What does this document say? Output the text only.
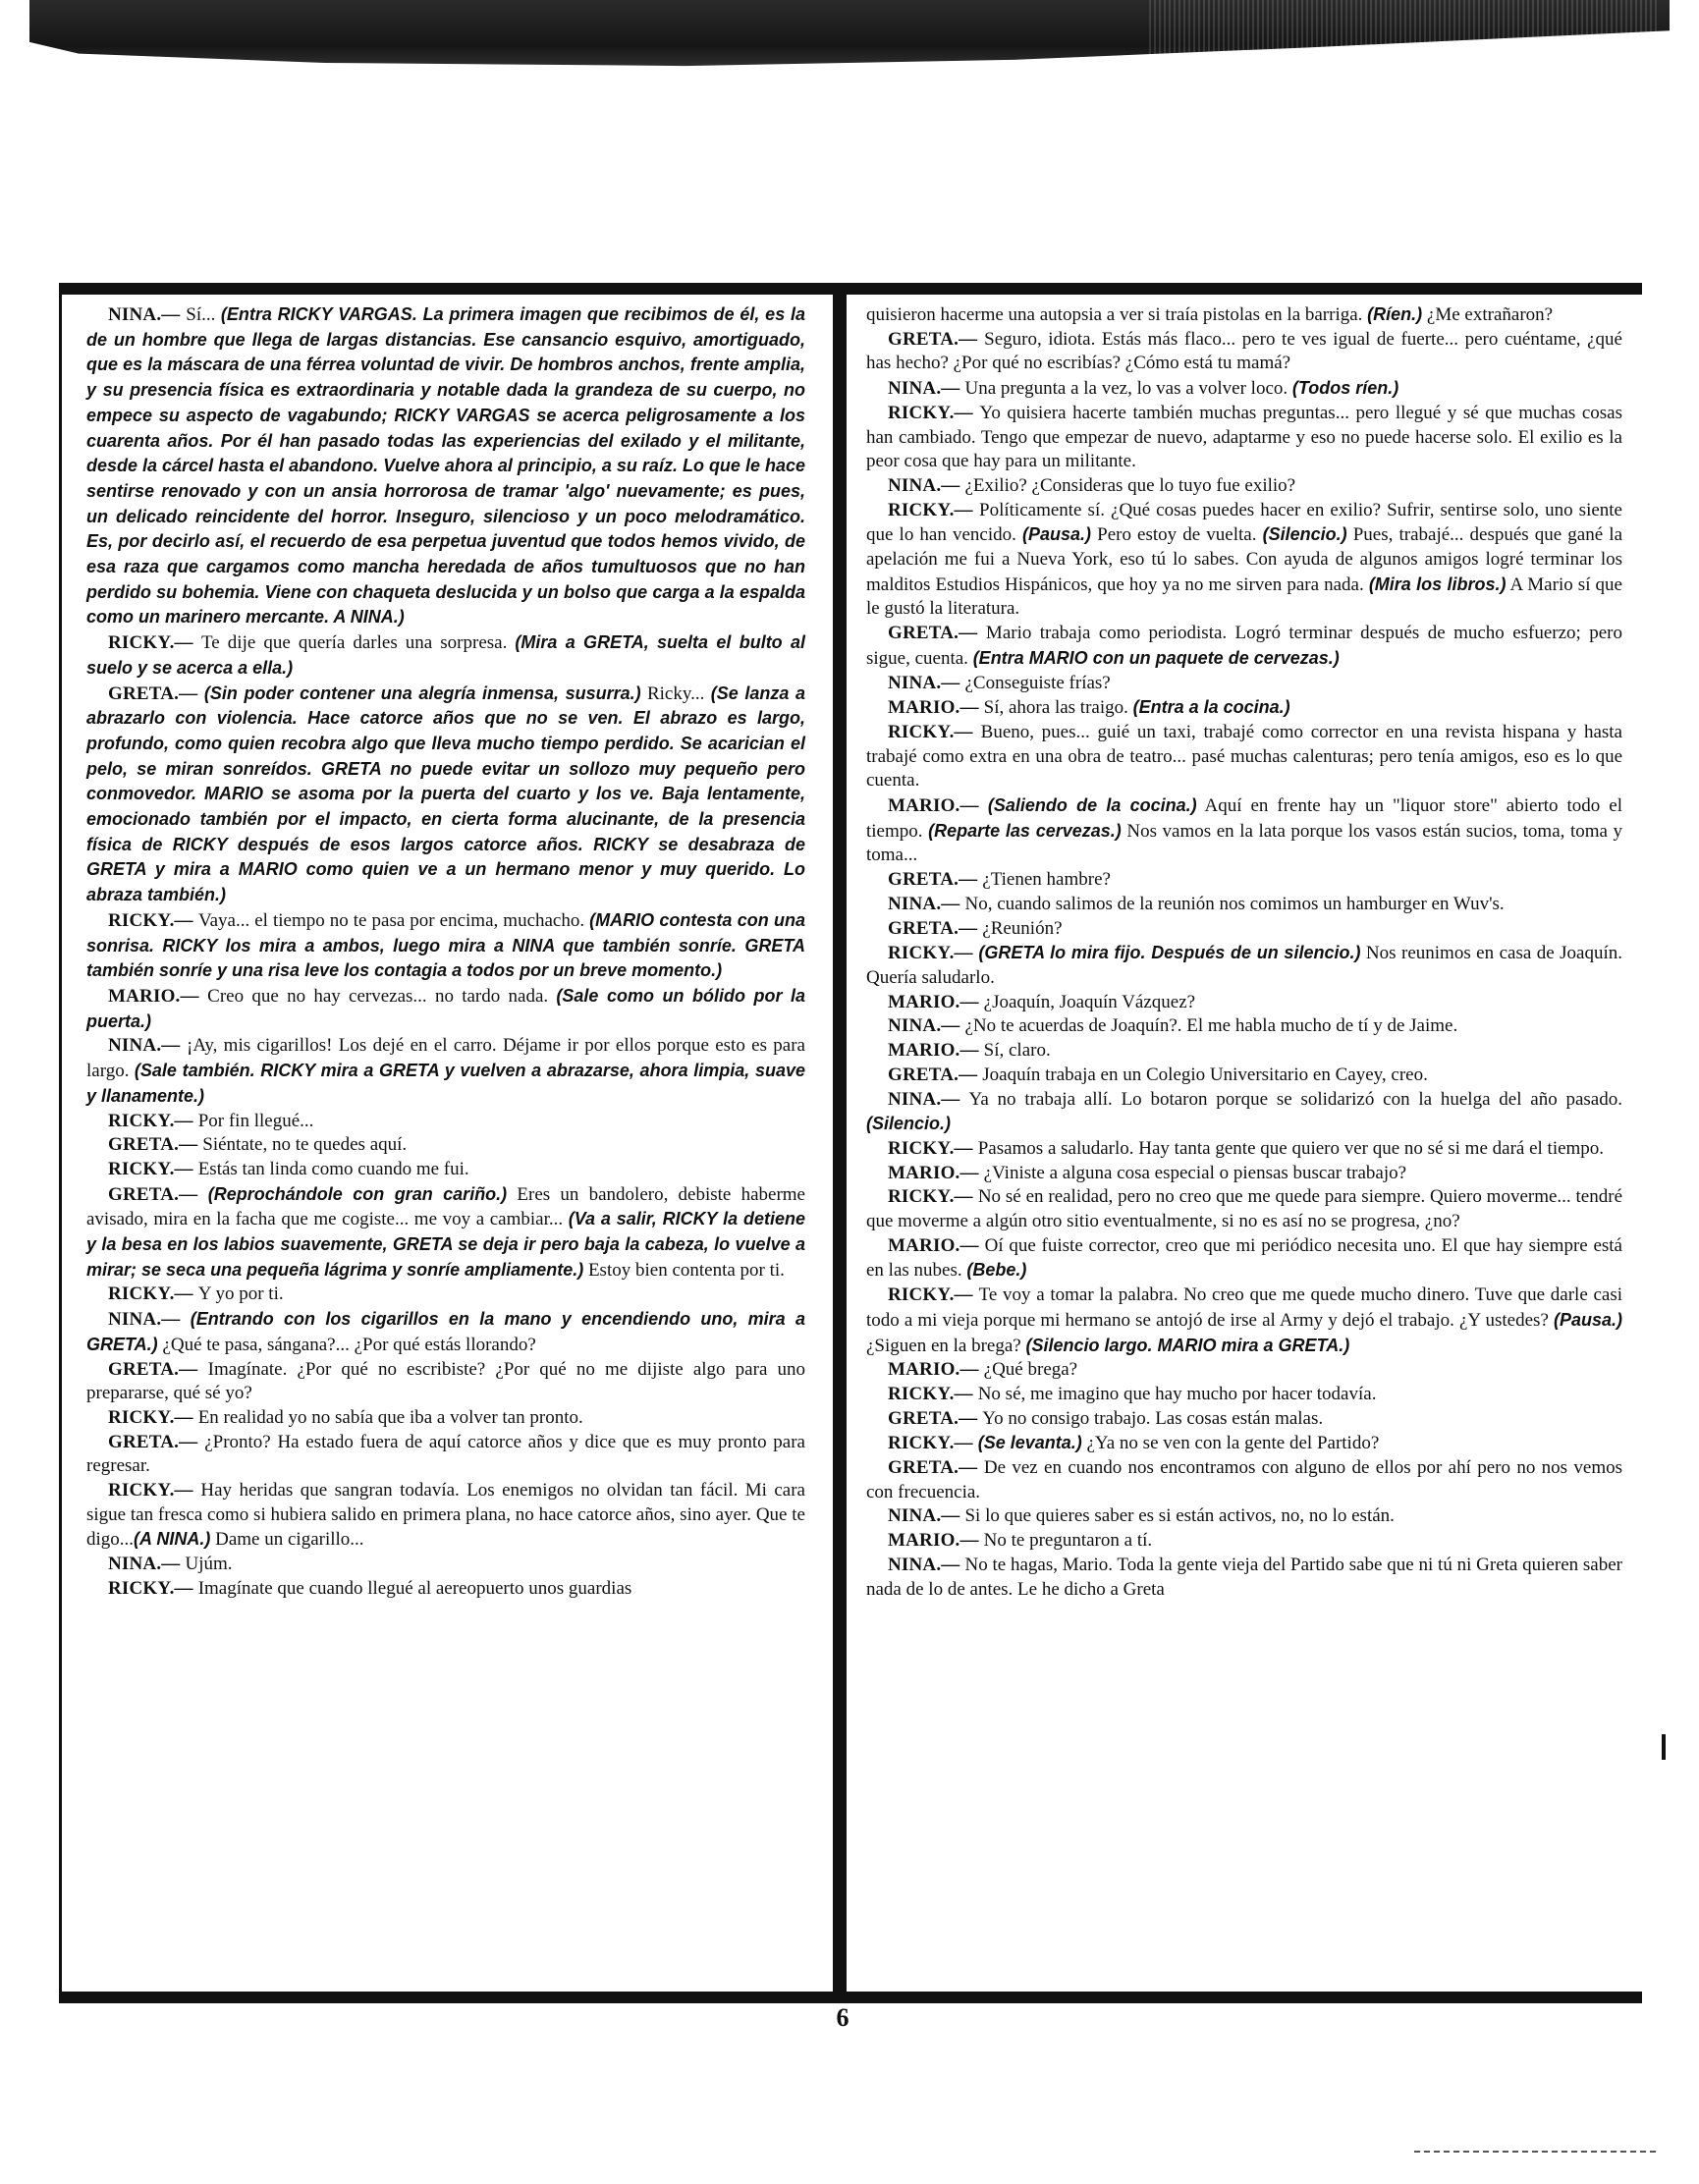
NINA.— Sí... (Entra RICKY VARGAS. La primera imagen que recibimos de él, es la de un hombre que llega de largas distancias. Ese cansancio esquivo, amortiguado, que es la máscara de una férrea voluntad de vivir. De hombros anchos, frente amplia, y su presencia física es extraordinaria y notable dada la grandeza de su cuerpo, no empece su aspecto de vagabundo; RICKY VARGAS se acerca peligrosamente a los cuarenta años. Por él han pasado todas las experiencias del exilado y el militante, desde la cárcel hasta el abandono. Vuelve ahora al principio, a su raíz. Lo que le hace sentirse renovado y con un ansia horrorosa de tramar 'algo' nuevamente; es pues, un delicado reincidente del horror. Inseguro, silencioso y un poco melodramático. Es, por decirlo así, el recuerdo de esa perpetua juventud que todos hemos vivido, de esa raza que cargamos como mancha heredada de años tumultuosos que no han perdido su bohemia. Viene con chaqueta deslucida y un bolso que carga a la espalda como un marinero mercante. A NINA.)

RICKY.— Te dije que quería darles una sorpresa. (Mira a GRETA, suelta el bulto al suelo y se acerca a ella.)

GRETA.— (Sin poder contener una alegría inmensa, susurra.) Ricky... (Se lanza a abrazarlo con violencia. Hace catorce años que no se ven. El abrazo es largo, profundo, como quien recobra algo que lleva mucho tiempo perdido. Se acarician el pelo, se miran sonreídos. GRETA no puede evitar un sollozo muy pequeño pero conmovedor. MARIO se asoma por la puerta del cuarto y los ve. Baja lentamente, emocionado también por el impacto, en cierta forma alucinante, de la presencia física de RICKY después de esos largos catorce años. RICKY se desabraza de GRETA y mira a MARIO como quien ve a un hermano menor y muy querido. Lo abraza también.)

RICKY.— Vaya... el tiempo no te pasa por encima, muchacho. (MARIO contesta con una sonrisa. RICKY los mira a ambos, luego mira a NINA que también sonríe. GRETA también sonríe y una risa leve los contagia a todos por un breve momento.)

MARIO.— Creo que no hay cervezas... no tardo nada. (Sale como un bólido por la puerta.)

NINA.— ¡Ay, mis cigarillos! Los dejé en el carro. Déjame ir por ellos porque esto es para largo. (Sale también. RICKY mira a GRETA y vuelven a abrazarse, ahora limpia, suave y llanamente.)

RICKY.— Por fin llegué...

GRETA.— Siéntate, no te quedes aquí.

RICKY.— Estás tan linda como cuando me fui.

GRETA.— (Reprochándole con gran cariño.) Eres un bandolero, debiste haberme avisado, mira en la facha que me cogiste... me voy a cambiar... (Va a salir, RICKY la detiene y la besa en los labios suavemente, GRETA se deja ir pero baja la cabeza, lo vuelve a mirar; se seca una pequeña lágrima y sonríe ampliamente.) Estoy bien contenta por ti.

RICKY.— Y yo por ti.

NINA.— (Entrando con los cigarillos en la mano y encendiendo uno, mira a GRETA.) ¿Qué te pasa, sángana?... ¿Por qué estás llorando?

GRETA.— Imagínate. ¿Por qué no escribiste? ¿Por qué no me dijiste algo para uno prepararse, qué sé yo?

RICKY.— En realidad yo no sabía que iba a volver tan pronto.

GRETA.— ¿Pronto? Ha estado fuera de aquí catorce años y dice que es muy pronto para regresar.

RICKY.— Hay heridas que sangran todavía. Los enemigos no olvidan tan fácil. Mi cara sigue tan fresca como si hubiera salido en primera plana, no hace catorce años, sino ayer. Que te digo...(A NINA.) Dame un cigarillo...

NINA.— Ujúm.

RICKY.— Imagínate que cuando llegué al aereopuerto unos guardias

quisieron hacerme una autopsia a ver si traía pistolas en la barriga. (Ríen.) ¿Me extrañaron?

GRETA.— Seguro, idiota. Estás más flaco... pero te ves igual de fuerte... pero cuéntame, ¿qué has hecho? ¿Por qué no escribías? ¿Cómo está tu mamá?

NINA.— Una pregunta a la vez, lo vas a volver loco. (Todos ríen.)

RICKY.— Yo quisiera hacerte también muchas preguntas... pero llegué y sé que muchas cosas han cambiado. Tengo que empezar de nuevo, adaptarme y eso no puede hacerse solo. El exilio es la peor cosa que hay para un militante.

NINA.— ¿Exilio? ¿Consideras que lo tuyo fue exilio?

RICKY.— Políticamente sí. ¿Qué cosas puedes hacer en exilio? Sufrir, sentirse solo, uno siente que lo han vencido. (Pausa.) Pero estoy de vuelta. (Silencio.) Pues, trabajé... después que gané la apelación me fui a Nueva York, eso tú lo sabes. Con ayuda de algunos amigos logré terminar los malditos Estudios Hispánicos, que hoy ya no me sirven para nada. (Mira los libros.) A Mario sí que le gustó la literatura.

GRETA.— Mario trabaja como periodista. Logró terminar después de mucho esfuerzo; pero sigue, cuenta. (Entra MARIO con un paquete de cervezas.)

NINA.— ¿Conseguiste frías?

MARIO.— Sí, ahora las traigo. (Entra a la cocina.)

RICKY.— Bueno, pues... guié un taxi, trabajé como corrector en una revista hispana y hasta trabajé como extra en una obra de teatro... pasé muchas calenturas; pero tenía amigos, eso es lo que cuenta.

MARIO.— (Saliendo de la cocina.) Aquí en frente hay un "liquor store" abierto todo el tiempo. (Reparte las cervezas.) Nos vamos en la lata porque los vasos están sucios, toma, toma y toma...

GRETA.— ¿Tienen hambre?

NINA.— No, cuando salimos de la reunión nos comimos un hamburger en Wuv's.

GRETA.— ¿Reunión?

RICKY.— (GRETA lo mira fijo. Después de un silencio.) Nos reunimos en casa de Joaquín. Quería saludarlo.

MARIO.— ¿Joaquín, Joaquín Vázquez?

NINA.— ¿No te acuerdas de Joaquín?. El me habla mucho de tí y de Jaime.

MARIO.— Sí, claro.

GRETA.— Joaquín trabaja en un Colegio Universitario en Cayey, creo.

NINA.— Ya no trabaja allí. Lo botaron porque se solidarizó con la huelga del año pasado. (Silencio.)

RICKY.— Pasamos a saludarlo. Hay tanta gente que quiero ver que no sé si me dará el tiempo.

MARIO.— ¿Viniste a alguna cosa especial o piensas buscar trabajo?

RICKY.— No sé en realidad, pero no creo que me quede para siempre. Quiero moverme... tendré que moverme a algún otro sitio eventualmente, si no es así no se progresa, ¿no?

MARIO.— Oí que fuiste corrector, creo que mi periódico necesita uno. El que hay siempre está en las nubes. (Bebe.)

RICKY.— Te voy a tomar la palabra. No creo que me quede mucho dinero. Tuve que darle casi todo a mi vieja porque mi hermano se antojó de irse al Army y dejó el trabajo. ¿Y ustedes? (Pausa.) ¿Siguen en la brega? (Silencio largo. MARIO mira a GRETA.)

MARIO.— ¿Qué brega?

RICKY.— No sé, me imagino que hay mucho por hacer todavía.

GRETA.— Yo no consigo trabajo. Las cosas están malas.

RICKY.— (Se levanta.) ¿Ya no se ven con la gente del Partido?

GRETA.— De vez en cuando nos encontramos con alguno de ellos por ahí pero no nos vemos con frecuencia.

NINA.— Si lo que quieres saber es si están activos, no, no lo están.

MARIO.— No te preguntaron a tí.

NINA.— No te hagas, Mario. Toda la gente vieja del Partido sabe que ni tú ni Greta quieren saber nada de lo de antes. Le he dicho a Greta

6
